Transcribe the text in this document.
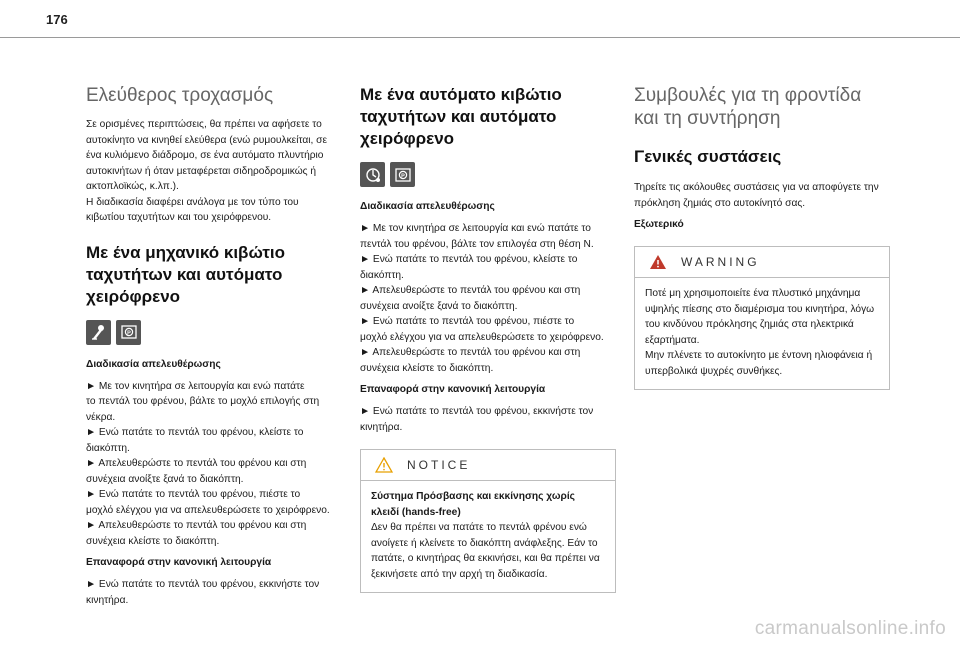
176
Ελεύθερος τροχασμός

Σε ορισμένες περιπτώσεις, θα πρέπει να αφήσετε το
αυτοκίνητο να κινηθεί ελεύθερα (ενώ ρυμουλκείται, σε
ένα κυλιόμενο διάδρομο, σε ένα αυτόματο πλυντήριο
αυτοκινήτων ή όταν μεταφέρεται σιδηροδρομικώς ή
ακτοπλοϊκώς, κ.λπ.).
Η διαδικασία διαφέρει ανάλογα με τον τύπο του
κιβωτίου ταχυτήτων και του χειρόφρενου.

Με ένα μηχανικό κιβώτιο
ταχυτήτων και αυτόματο
χειρόφρενο
P
Διαδικασία απελευθέρωσης

► Με τον κινητήρα σε λειτουργία και ενώ πατάτε
το πεντάλ του φρένου, βάλτε το μοχλό επιλογής στη
νέκρα.
► Ενώ πατάτε το πεντάλ του φρένου, κλείστε το
διακόπτη.
► Απελευθερώστε το πεντάλ του φρένου και στη
συνέχεια ανοίξτε ξανά το διακόπτη.
► Ενώ πατάτε το πεντάλ του φρένου, πιέστε το
μοχλό ελέγχου για να απελευθερώσετε το χειρόφρενο.
► Απελευθερώστε το πεντάλ του φρένου και στη
συνέχεια κλείστε το διακόπτη.

Επαναφορά στην κανονική λειτουργία

► Ενώ πατάτε το πεντάλ του φρένου, εκκινήστε τον
κινητήρα.

Με ένα αυτόματο κιβώτιο
ταχυτήτων και αυτόματο
χειρόφρενο
P
Διαδικασία απελευθέρωσης

► Με τον κινητήρα σε λειτουργία και ενώ πατάτε το
πεντάλ του φρένου, βάλτε τον επιλογέα στη θέση N.
► Ενώ πατάτε το πεντάλ του φρένου, κλείστε το
διακόπτη.
► Απελευθερώστε το πεντάλ του φρένου και στη
συνέχεια ανοίξτε ξανά το διακόπτη.
► Ενώ πατάτε το πεντάλ του φρένου, πιέστε το
μοχλό ελέγχου για να απελευθερώσετε το χειρόφρενο.
► Απελευθερώστε το πεντάλ του φρένου και στη
συνέχεια κλείστε το διακόπτη.

Επαναφορά στην κανονική λειτουργία

► Ενώ πατάτε το πεντάλ του φρένου, εκκινήστε τον
κινητήρα.

NOTICE

Σύστημα Πρόσβασης και εκκίνησης χωρίς
κλειδί (hands-free)
Δεν θα πρέπει να πατάτε το πεντάλ φρένου ενώ
ανοίγετε ή κλείνετε το διακόπτη ανάφλεξης. Εάν το
πατάτε, ο κινητήρας θα εκκινήσει, και θα πρέπει να
ξεκινήσετε από την αρχή τη διαδικασία.

Συμβουλές για τη φροντίδα
και τη συντήρηση
Γενικές συστάσεις

Τηρείτε τις ακόλουθες συστάσεις για να αποφύγετε την
πρόκληση ζημιάς στο αυτοκίνητό σας.

Εξωτερικό
WARNING

Ποτέ μη χρησιμοποιείτε ένα πλυστικό μηχάνημα
υψηλής πίεσης στο διαμέρισμα του κινητήρα, λόγω
του κινδύνου πρόκλησης ζημιάς στα ηλεκτρικά
εξαρτήματα.
Μην πλένετε το αυτοκίνητο με έντονη ηλιοφάνεια ή
υπερβολικά ψυχρές συνθήκες.

carmanualsonline.info
